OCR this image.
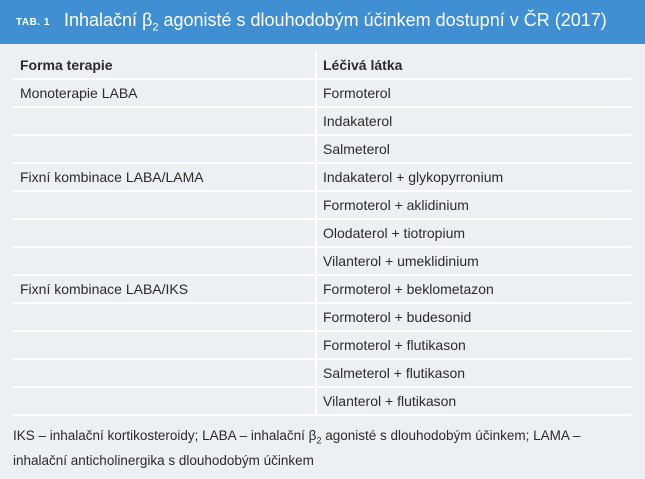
TAB. 1 Inhalační $\beta_2$ agonisté s dlouhodobým účinkem dostupní v ČR (2017)
Forma terapie	Léčivá látka
Monoterapie LABA	Formoterol
	Indakaterol
	Salmeterol
Fixní kombinace LABA/LAMA	Indakaterol + glykopyrronium
	Formoterol + aklidinium
	Olodaterol + tiotropium
	Vilanterol + umeklidinium
Fixní kombinace LABA/IKS	Formoterol + beklometazon
	Formoterol + budesonid
	Formoterol + flutikason
	Salmeterol + flutikason
	Vilanterol + flutikason
IKS – inhalační kortikosteroidy; LABA – inhalační $\beta_2$ agonisté s dlouhodobým účinkem; LAMA – inhalační anticholinergika s dlouhodobým účinkem
